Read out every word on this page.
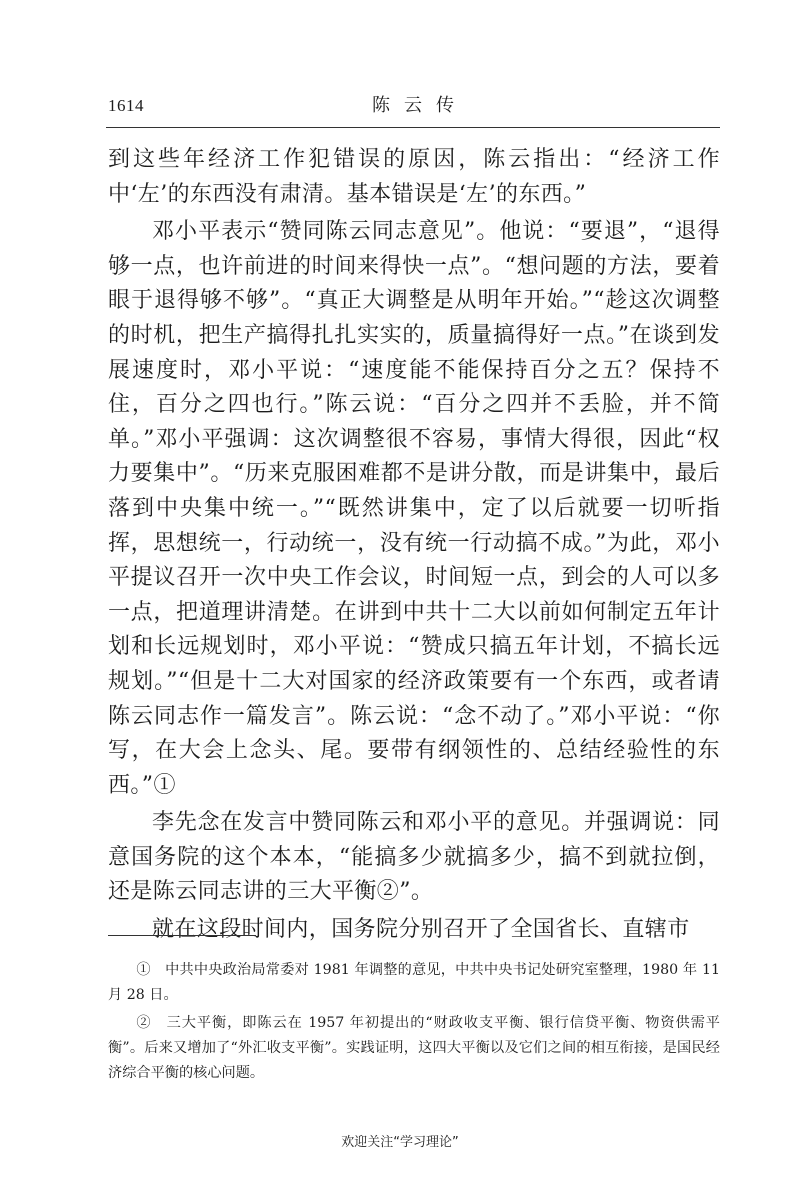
1614	陈云传

到这些年经济工作犯错误的原因，陈云指出：“经济工作中‘左’的东西没有肃清。基本错误是‘左’的东西。”

邓小平表示“赞同陈云同志意见”。他说：“要退”，“退得够一点，也许前进的时间来得快一点”。“想问题的方法，要着眼于退得够不够”。“真正大调整是从明年开始。”“趁这次调整的时机，把生产搞得扎扎实实的，质量搞得好一点。”在谈到发展速度时，邓小平说：“速度能不能保持百分之五？保持不住，百分之四也行。”陈云说：“百分之四并不丢脸，并不简单。”邓小平强调：这次调整很不容易，事情大得很，因此“权力要集中”。“历来克服困难都不是讲分散，而是讲集中，最后落到中央集中统一。”“既然讲集中，定了以后就要一切听指挥，思想统一，行动统一，没有统一行动搞不成。”为此，邓小平提议召开一次中央工作会议，时间短一点，到会的人可以多一点，把道理讲清楚。在讲到中共十二大以前如何制定五年计划和长远规划时，邓小平说：“赞成只搞五年计划，不搞长远规划。”“但是十二大对国家的经济政策要有一个东西，或者请陈云同志作一篇发言”。陈云说：“念不动了。”邓小平说：“你写，在大会上念头、尾。要带有纲领性的、总结经验性的东西。”①

李先念在发言中赞同陈云和邓小平的意见。并强调说：同意国务院的这个本本，“能搞多少就搞多少，搞不到就拉倒，还是陈云同志讲的三大平衡②”。

就在这段时间内，国务院分别召开了全国省长、直辖市

①　中共中央政治局常委对 1981 年调整的意见，中共中央书记处研究室整理，1980 年 11 月 28 日。

②　三大平衡，即陈云在 1957 年初提出的“财政收支平衡、银行信贷平衡、物资供需平衡”。后来又增加了“外汇收支平衡”。实践证明，这四大平衡以及它们之间的相互衔接，是国民经济综合平衡的核心问题。

欢迎关注“学习理论”
